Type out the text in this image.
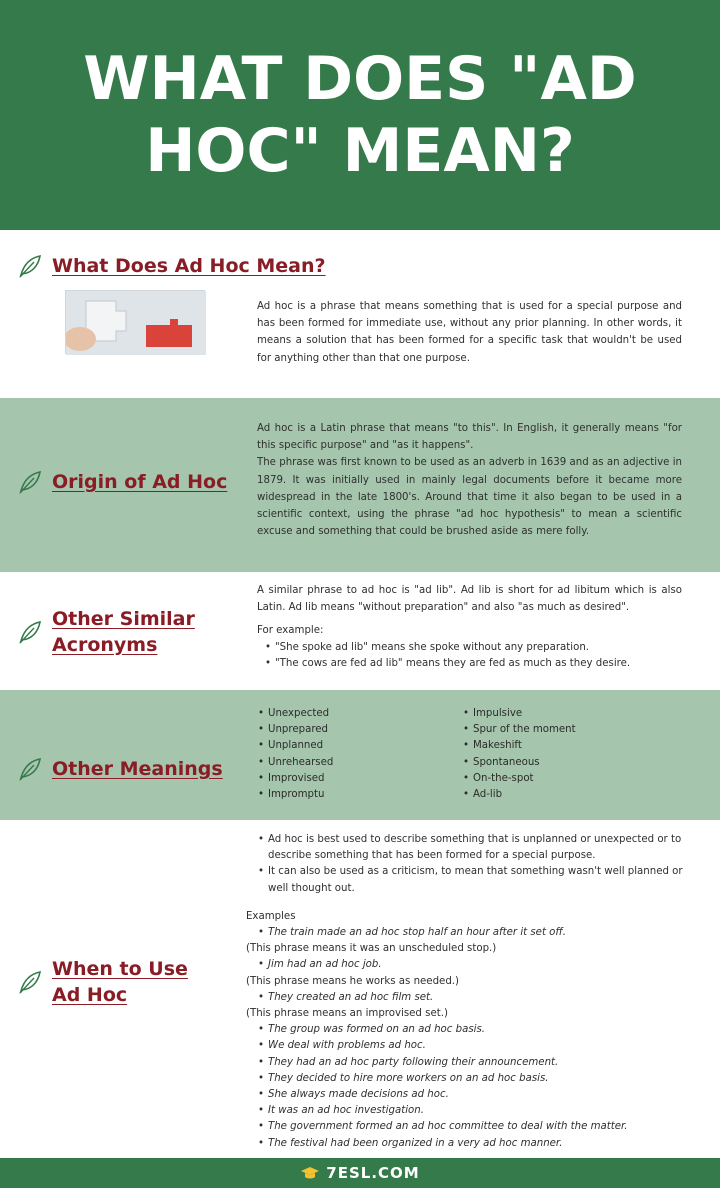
WHAT DOES "AD HOC" MEAN?
What Does Ad Hoc Mean?
Ad hoc is a phrase that means something that is used for a special purpose and has been formed for immediate use, without any prior planning. In other words, it means a solution that has been formed for a specific task that wouldn't be used for anything other than that one purpose.
Origin of Ad Hoc

Ad hoc is a Latin phrase that means "to this". In English, it generally means "for this specific purpose" and "as it happens".

The phrase was first known to be used as an adverb in 1639 and as an adjective in 1879. It was initially used in mainly legal documents before it became more widespread in the late 1800's. Around that time it also began to be used in a scientific context, using the phrase "ad hoc hypothesis" to mean a scientific excuse and something that could be brushed aside as mere folly.

Other Similar Acronyms

A similar phrase to ad hoc is "ad lib". Ad lib is short for ad libitum which is also Latin. Ad lib means "without preparation" and also "as much as desired".

For example:

• "She spoke ad lib" means she spoke without any preparation.
• "The cows are fed ad lib" means they are fed as much as they desire.
Other Meanings
• Unexpected
• Unprepared
• Unplanned
• Unrehearsed
• Improvised
• Impromptu
• Impulsive
• Spur of the moment
• Makeshift
• Spontaneous
• On-the-spot
• Ad-lib
When to Use Ad Hoc
• Ad hoc is best used to describe something that is unplanned or unexpected or to describe something that has been formed for a special purpose.
• It can also be used as a criticism, to mean that something wasn't well planned or well thought out.

Examples

• The train made an ad hoc stop half an hour after it set off.

(This phrase means it was an unscheduled stop.)

• Jim had an ad hoc job.

(This phrase means he works as needed.)

• They created an ad hoc film set.

(This phrase means an improvised set.)

• The group was formed on an ad hoc basis.
• We deal with problems ad hoc.
• They had an ad hoc party following their announcement.
• They decided to hire more workers on an ad hoc basis.
• She always made decisions ad hoc.
• It was an ad hoc investigation.
• The government formed an ad hoc committee to deal with the matter.
• The festival had been organized in a very ad hoc manner.
7ESL.COM
